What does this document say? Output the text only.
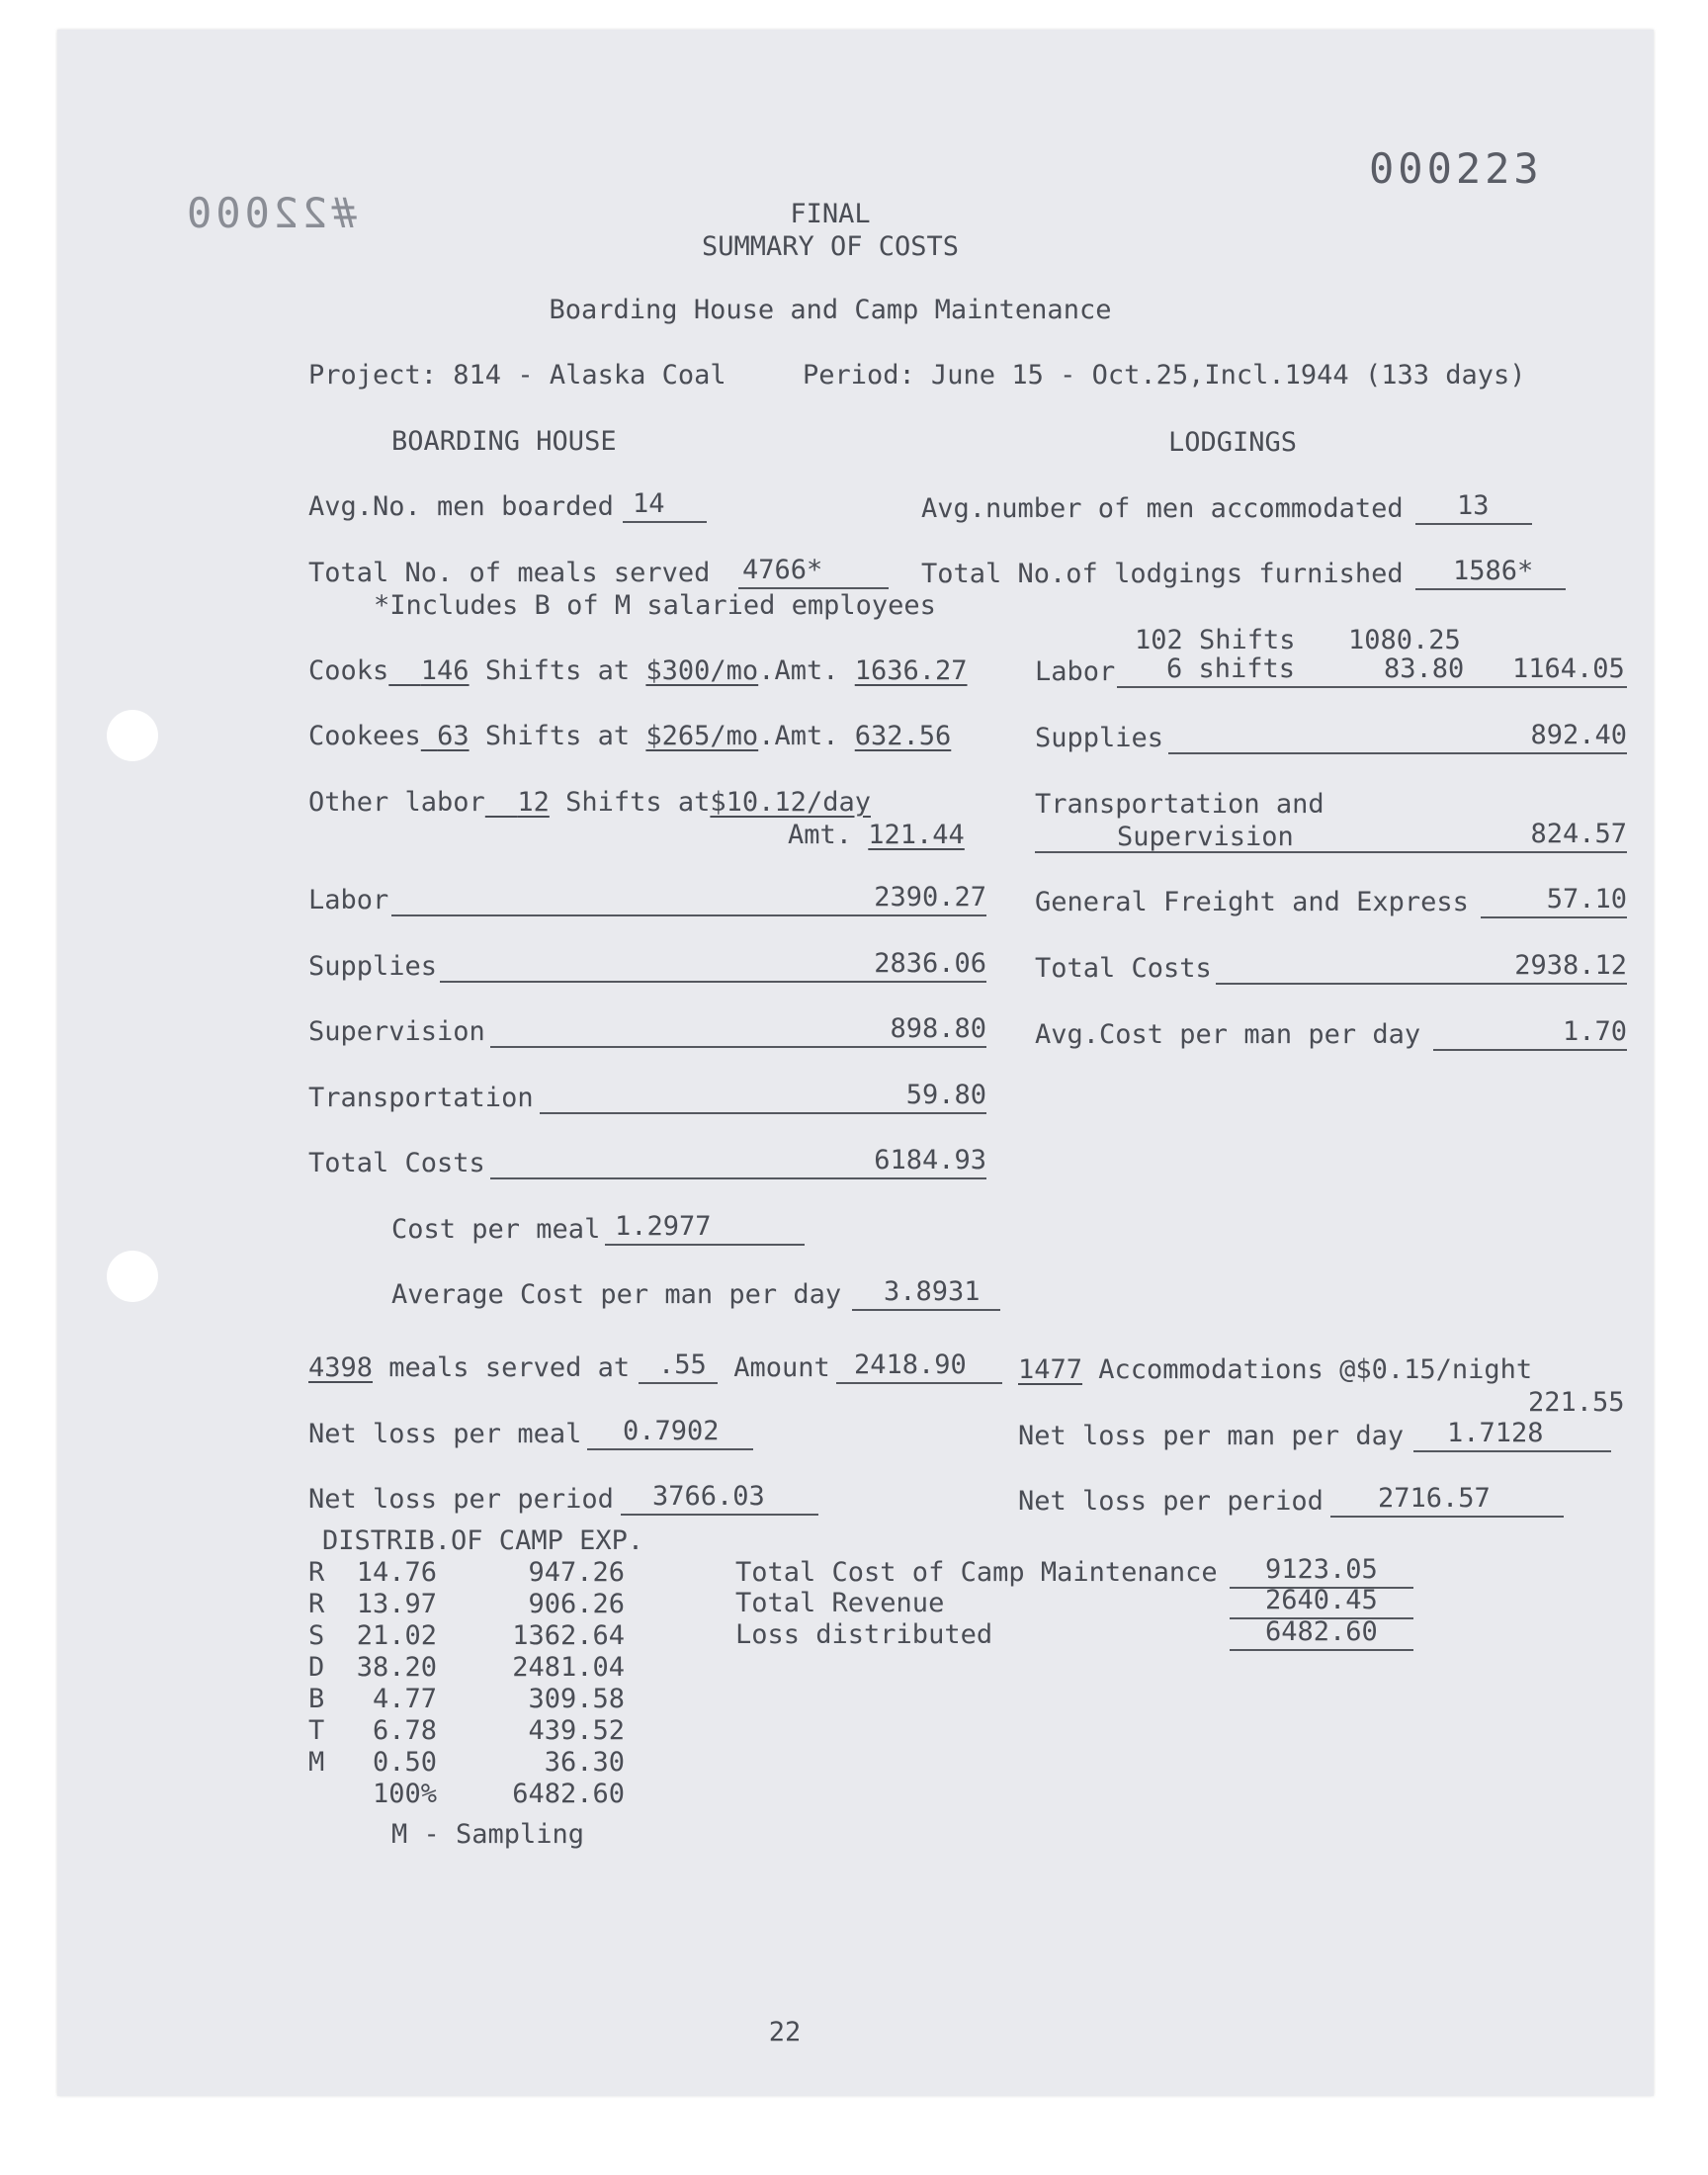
000223
#22000	FINAL
SUMMARY OF COSTS
Boarding House and Camp Maintenance
Project: 814 - Alaska Coal	Period: June 15 - Oct.25,Incl.1944 (133 days)
BOARDING HOUSE	LODGINGS
Avg.No. men boarded 14	Avg.number of men accommodated 13
Total No. of meals served 4766*	Total No.of lodgings furnished 1586*
*Includes B of M salaried employees
102 Shifts 1080.25
Cooks 146 Shifts at $300/mo.Amt. 1636.27	Labor 6 shifts	83.80 1164.05
Cookees 63 Shifts at $265/mo.Amt. 632.56	Supplies	892.40
Other labor 12 Shifts at$10.12/day
Amt. 121.44
Transportation and
Supervision	824.57
Labor	2390.27 General Freight and Express	57.10
Supplies	2836.06 Total Costs	2938.12
Supervision	898.80 Avg.Cost per man per day	1.70
Transportation	59.80
Total Costs	6184.93
Cost per meal 1.2977
Average Cost per man per day 3.8931
4398 meals served at .55 Amount 2418.90 1477 Accommodations @$0.15/night
221.55
Net loss per meal 0.7902	Net loss per man per day 1.7128
Net loss per period 3766.03	Net loss per period 2716.57
DISTRIB.OF CAMP EXP.
R	14.76	947.26
R	13.97	906.26
S	21.02	1362.64
D	38.20	2481.04
B	4.77	309.58
T	6.78	439.52
M	0.50	36.30
100%	6482.60
M - Sampling
Total Cost of Camp Maintenance 9123.05
Total Revenue	2640.45
Loss distributed	6482.60
22
